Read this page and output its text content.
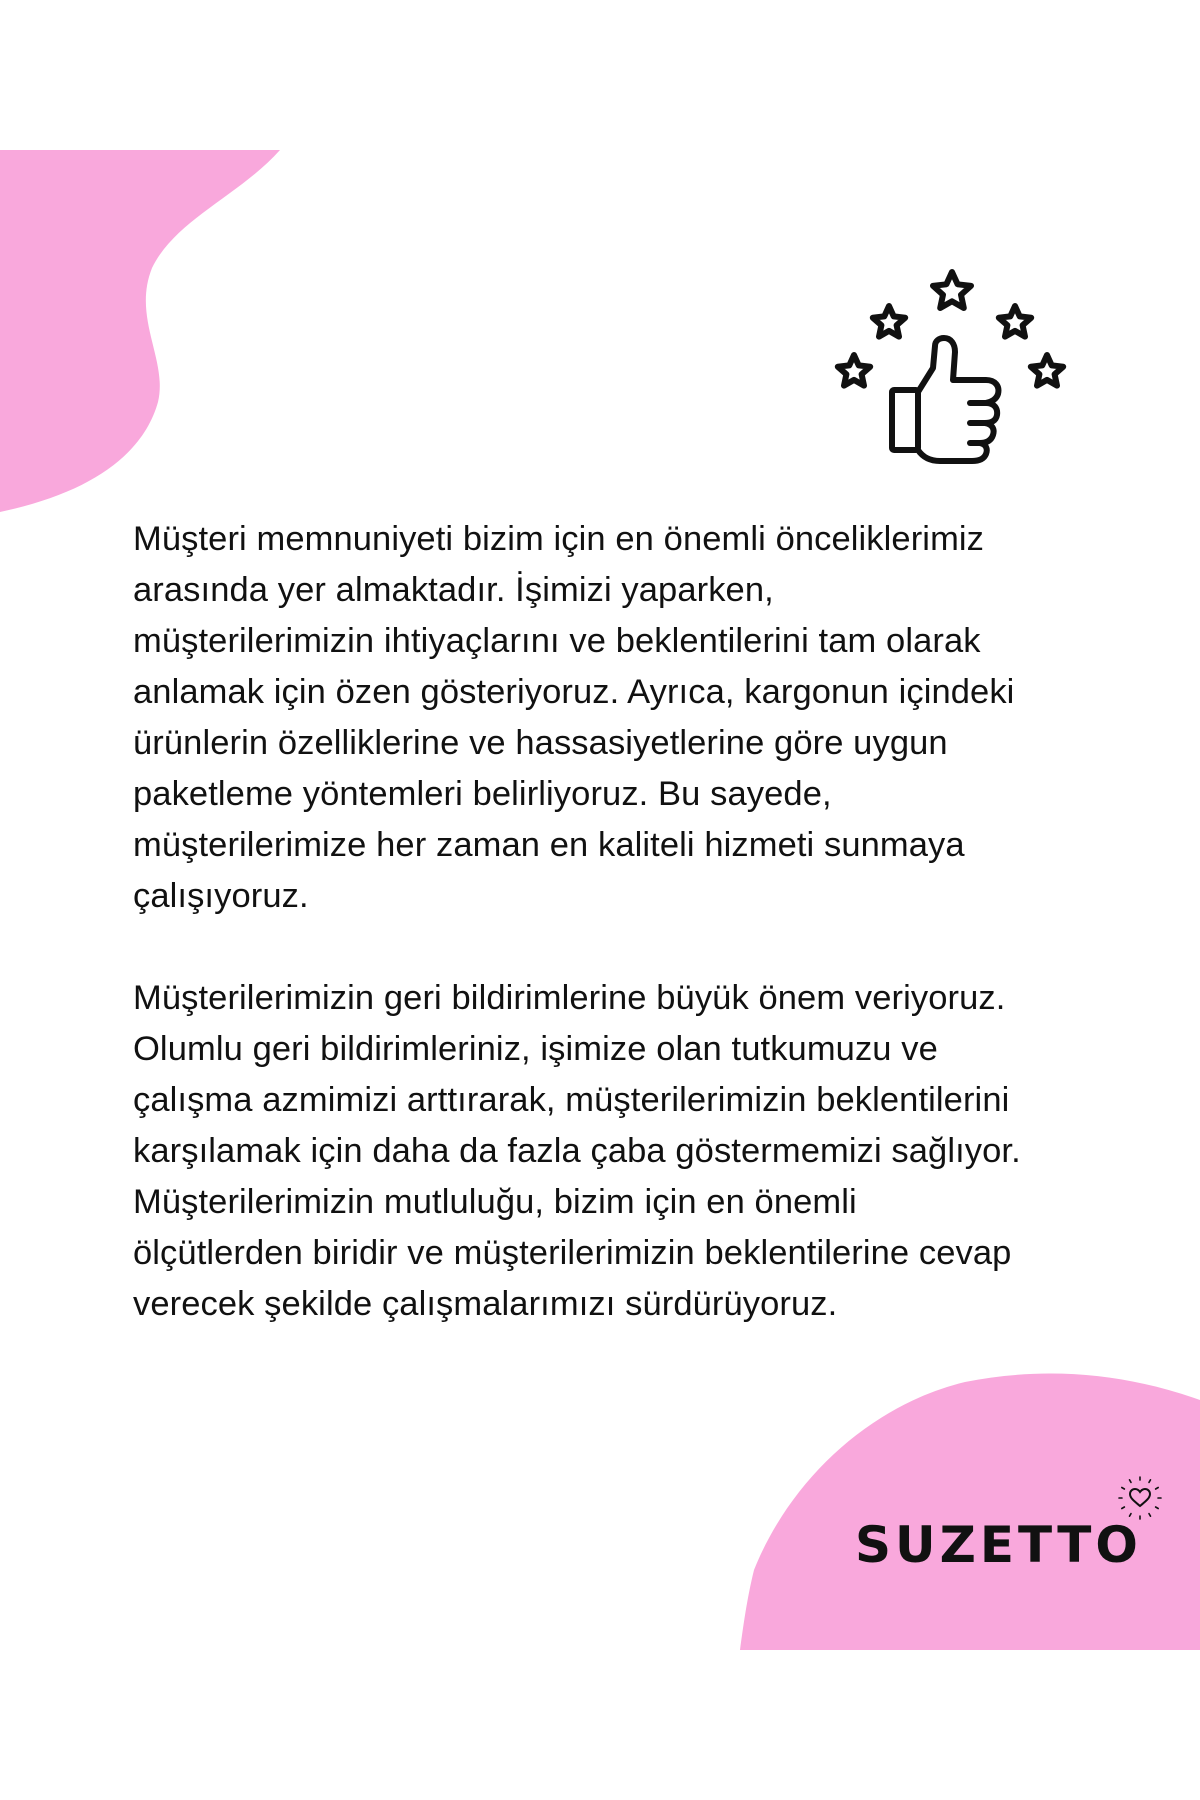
Müşteri memnuniyeti bizim için en önemli önceliklerimiz
arasında yer almaktadır. İşimizi yaparken,
müşterilerimizin ihtiyaçlarını ve beklentilerini tam olarak
anlamak için özen gösteriyoruz. Ayrıca, kargonun içindeki
ürünlerin özelliklerine ve hassasiyetlerine göre uygun
paketleme yöntemleri belirliyoruz. Bu sayede,
müşterilerimize her zaman en kaliteli hizmeti sunmaya
çalışıyoruz.

Müşterilerimizin geri bildirimlerine büyük önem veriyoruz.
Olumlu geri bildirimleriniz, işimize olan tutkumuzu ve
çalışma azmimizi arttırarak, müşterilerimizin beklentilerini
karşılamak için daha da fazla çaba göstermemizi sağlıyor.
Müşterilerimizin mutluluğu, bizim için en önemli
ölçütlerden biridir ve müşterilerimizin beklentilerine cevap
verecek şekilde çalışmalarımızı sürdürüyoruz.

SUZETTO
